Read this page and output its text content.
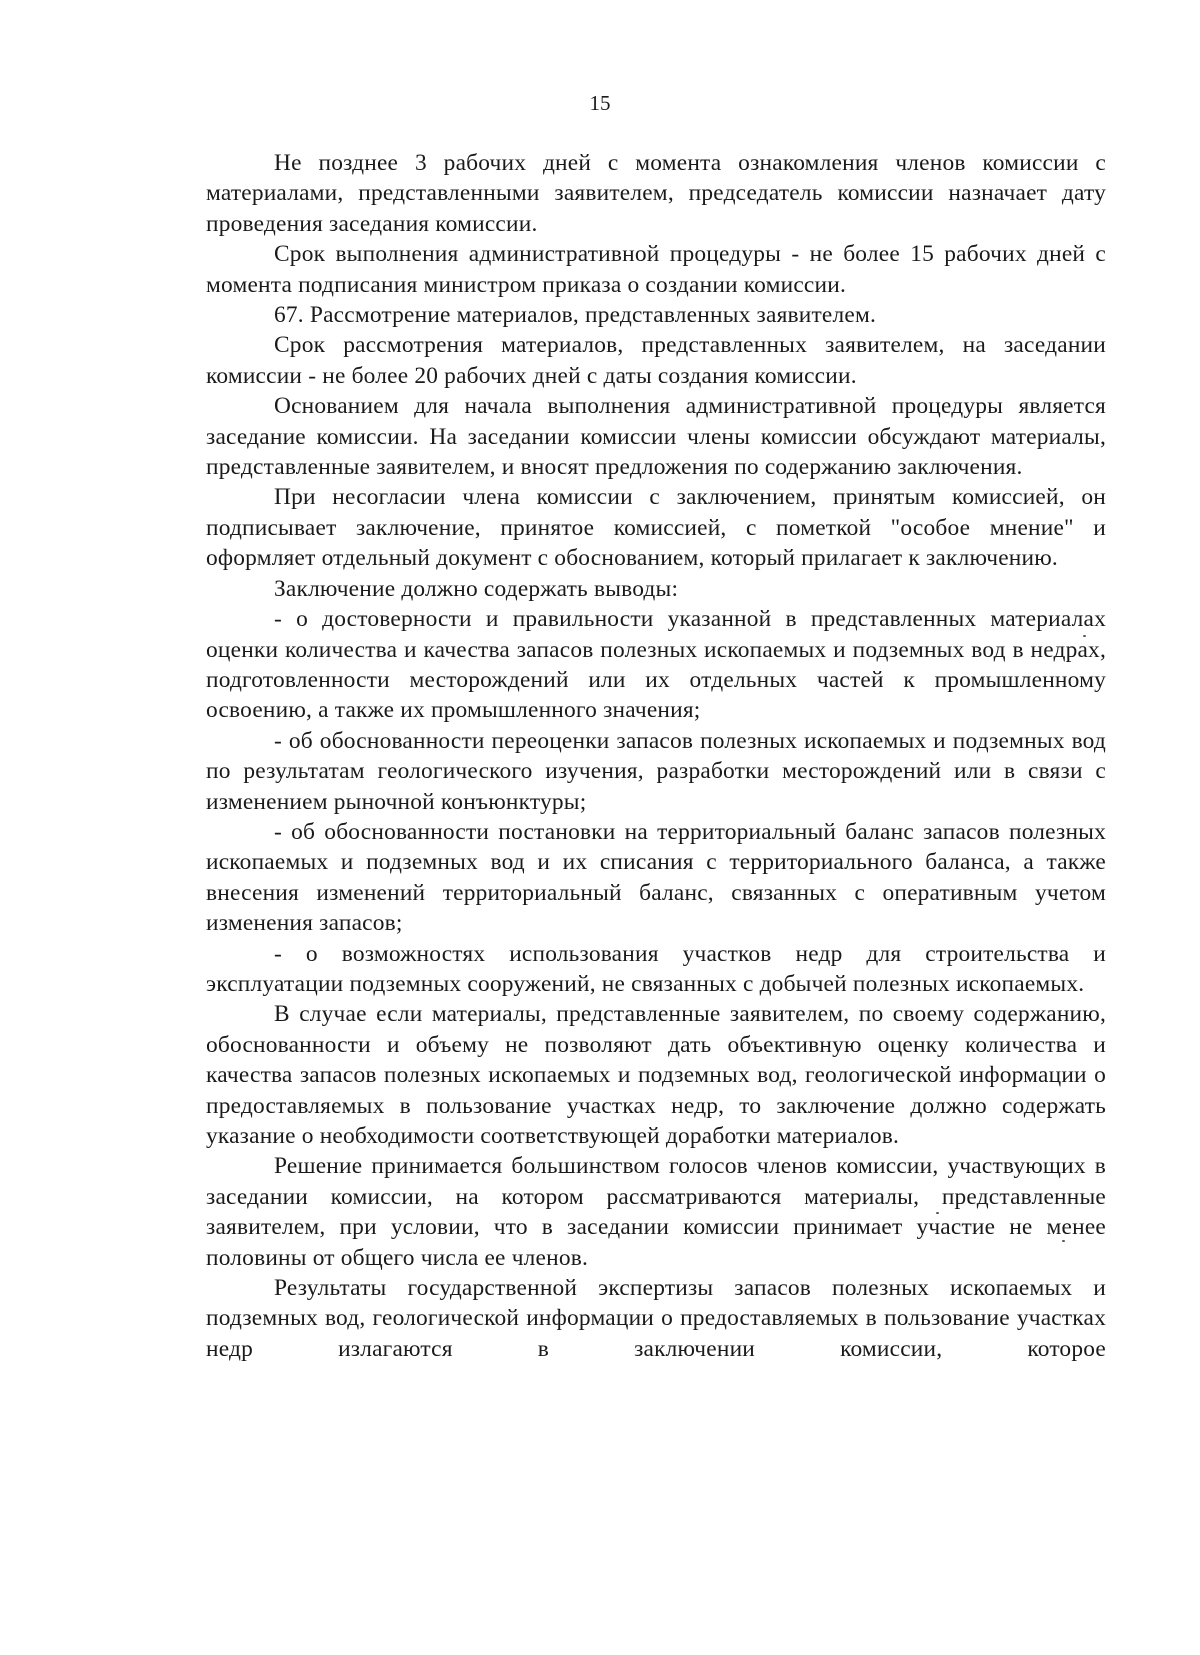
15

Не позднее 3 рабочих дней с момента ознакомления членов комиссии с материалами, представленными заявителем, председатель комиссии назначает дату проведения заседания комиссии.

Срок выполнения административной процедуры - не более 15 рабочих дней с момента подписания министром приказа о создании комиссии.

67. Рассмотрение материалов, представленных заявителем.

Срок рассмотрения материалов, представленных заявителем, на заседании комиссии - не более 20 рабочих дней с даты создания комиссии.

Основанием для начала выполнения административной процедуры является заседание комиссии. На заседании комиссии члены комиссии обсуждают материалы, представленные заявителем, и вносят предложения по содержанию заключения.

При несогласии члена комиссии с заключением, принятым комиссией, он подписывает заключение, принятое комиссией, с пометкой "особое мнение" и оформляет отдельный документ с обоснованием, который прилагает к заключению.

Заключение должно содержать выводы:

- о достоверности и правильности указанной в представленных материалах оценки количества и качества запасов полезных ископаемых и подземных вод в недрах, подготовленности месторождений или их отдельных частей к промышленному освоению, а также их промышленного значения;

- об обоснованности переоценки запасов полезных ископаемых и подземных вод по результатам геологического изучения, разработки месторождений или в связи с изменением рыночной конъюнктуры;

- об обоснованности постановки на территориальный баланс запасов полезных ископаемых и подземных вод и их списания с территориального баланса, а также внесения изменений территориальный баланс, связанных с оперативным учетом изменения запасов;

- о возможностях использования участков недр для строительства и эксплуатации подземных сооружений, не связанных с добычей полезных ископаемых.

В случае если материалы, представленные заявителем, по своему содержанию, обоснованности и объему не позволяют дать объективную оценку количества и качества запасов полезных ископаемых и подземных вод, геологической информации о предоставляемых в пользование участках недр, то заключение должно содержать указание о необходимости соответствующей доработки материалов.

Решение принимается большинством голосов членов комиссии, участвующих в заседании комиссии, на котором рассматриваются материалы, представленные заявителем, при условии, что в заседании комиссии принимает участие не менее половины от общего числа ее членов.

Результаты государственной экспертизы запасов полезных ископаемых и подземных вод, геологической информации о предоставляемых в пользование участках недр излагаются в заключении комиссии, которое
